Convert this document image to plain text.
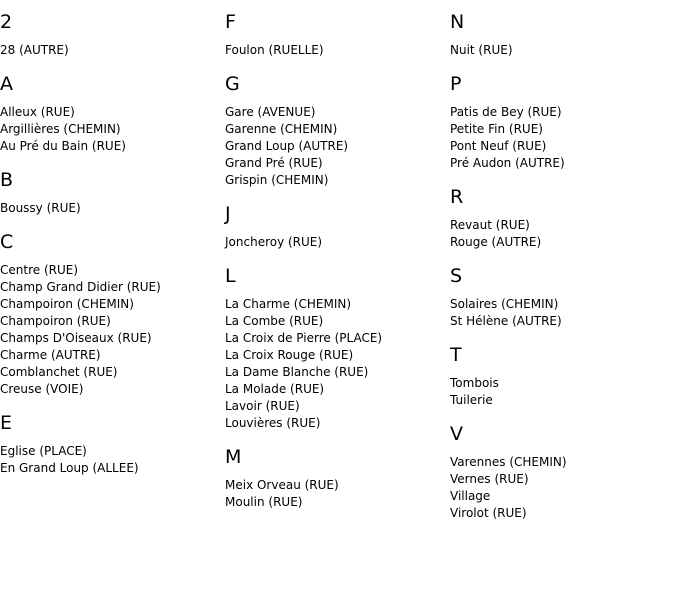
2
28 (AUTRE)
A
Alleux (RUE)
Argillières (CHEMIN)
Au Pré du Bain (RUE)
B
Boussy (RUE)
C
Centre (RUE)
Champ Grand Didier (RUE)
Champoiron (CHEMIN)
Champoiron (RUE)
Champs D'Oiseaux (RUE)
Charme (AUTRE)
Comblanchet (RUE)
Creuse (VOIE)
E
Eglise (PLACE)
En Grand Loup (ALLEE)
F
Foulon (RUELLE)
G
Gare (AVENUE)
Garenne (CHEMIN)
Grand Loup (AUTRE)
Grand Pré (RUE)
Grispin (CHEMIN)
J
Joncheroy (RUE)
L
La Charme (CHEMIN)
La Combe (RUE)
La Croix de Pierre (PLACE)
La Croix Rouge (RUE)
La Dame Blanche (RUE)
La Molade (RUE)
Lavoir (RUE)
Louvières (RUE)
M
Meix Orveau (RUE)
Moulin (RUE)
N
Nuit (RUE)
P
Patis de Bey (RUE)
Petite Fin (RUE)
Pont Neuf (RUE)
Pré Audon (AUTRE)
R
Revaut (RUE)
Rouge (AUTRE)
S
Solaires (CHEMIN)
St Hélène (AUTRE)
T
Tombois
Tuilerie
V
Varennes (CHEMIN)
Vernes (RUE)
Village
Virolot (RUE)
